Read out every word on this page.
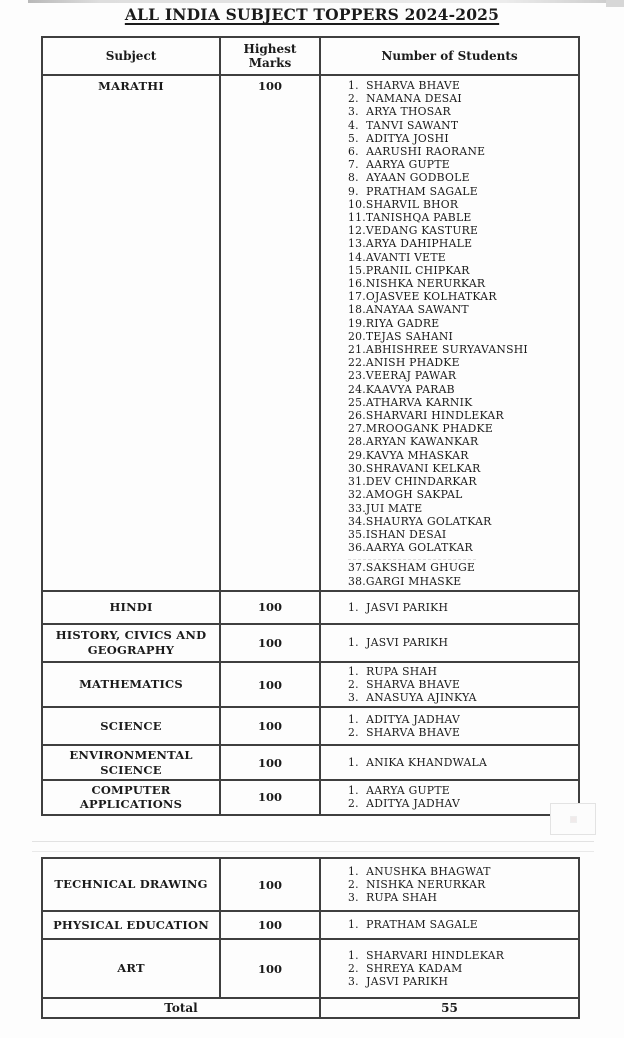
ALL INDIA SUBJECT TOPPERS 2024-2025
Subject	Highest Marks	Number of Students
MARATHI	100	1.  SHARVA BHAVE
2.  NAMANA DESAI
3.  ARYA THOSAR
4.  TANVI SAWANT
5.  ADITYA JOSHI
6.  AARUSHI RAORANE
7.  AARYA GUPTE
8.  AYAAN GODBOLE
9.  PRATHAM SAGALE
10.SHARVIL BHOR
11.TANISHQA PABLE
12.VEDANG KASTURE
13.ARYA DAHIPHALE
14.AVANTI VETE
15.PRANIL CHIPKAR
16.NISHKA NERURKAR
17.OJASVEE KOLHATKAR
18.ANAYAA SAWANT
19.RIYA GADRE
20.TEJAS SAHANI
21.ABHISHREE SURYAVANSHI
22.ANISH PHADKE
23.VEERAJ PAWAR
24.KAAVYA PARAB
25.ATHARVA KARNIK
26.SHARVARI HINDLEKAR
27.MROOGANK PHADKE
28.ARYAN KAWANKAR
29.KAVYA MHASKAR
30.SHRAVANI KELKAR
31.DEV CHINDARKAR
32.AMOGH SAKPAL
33.JUI MATE
34.SHAURYA GOLATKAR
35.ISHAN DESAI
36.AARYA GOLATKAR
37.SAKSHAM GHUGE
38.GARGI MHASKE

HINDI	100	1.  JASVI PARIKH

HISTORY, CIVICS AND GEOGRAPHY	100	1.  JASVI PARIKH

MATHEMATICS	100	1.  RUPA SHAH
2.  SHARVA BHAVE
3.  ANASUYA AJINKYA

SCIENCE	100	1.  ADITYA JADHAV
2.  SHARVA BHAVE

ENVIRONMENTAL SCIENCE	100	1.  ANIKA KHANDWALA

COMPUTER APPLICATIONS	100	1.  AARYA GUPTE
2.  ADITYA JADHAV
TECHNICAL DRAWING	100	1.  ANUSHKA BHAGWAT
2.  NISHKA NERURKAR
3.  RUPA SHAH

PHYSICAL EDUCATION	100	1.  PRATHAM SAGALE

ART	100	1.  SHARVARI HINDLEKAR
2.  SHREYA KADAM
3.  JASVI PARIKH

Total		55
